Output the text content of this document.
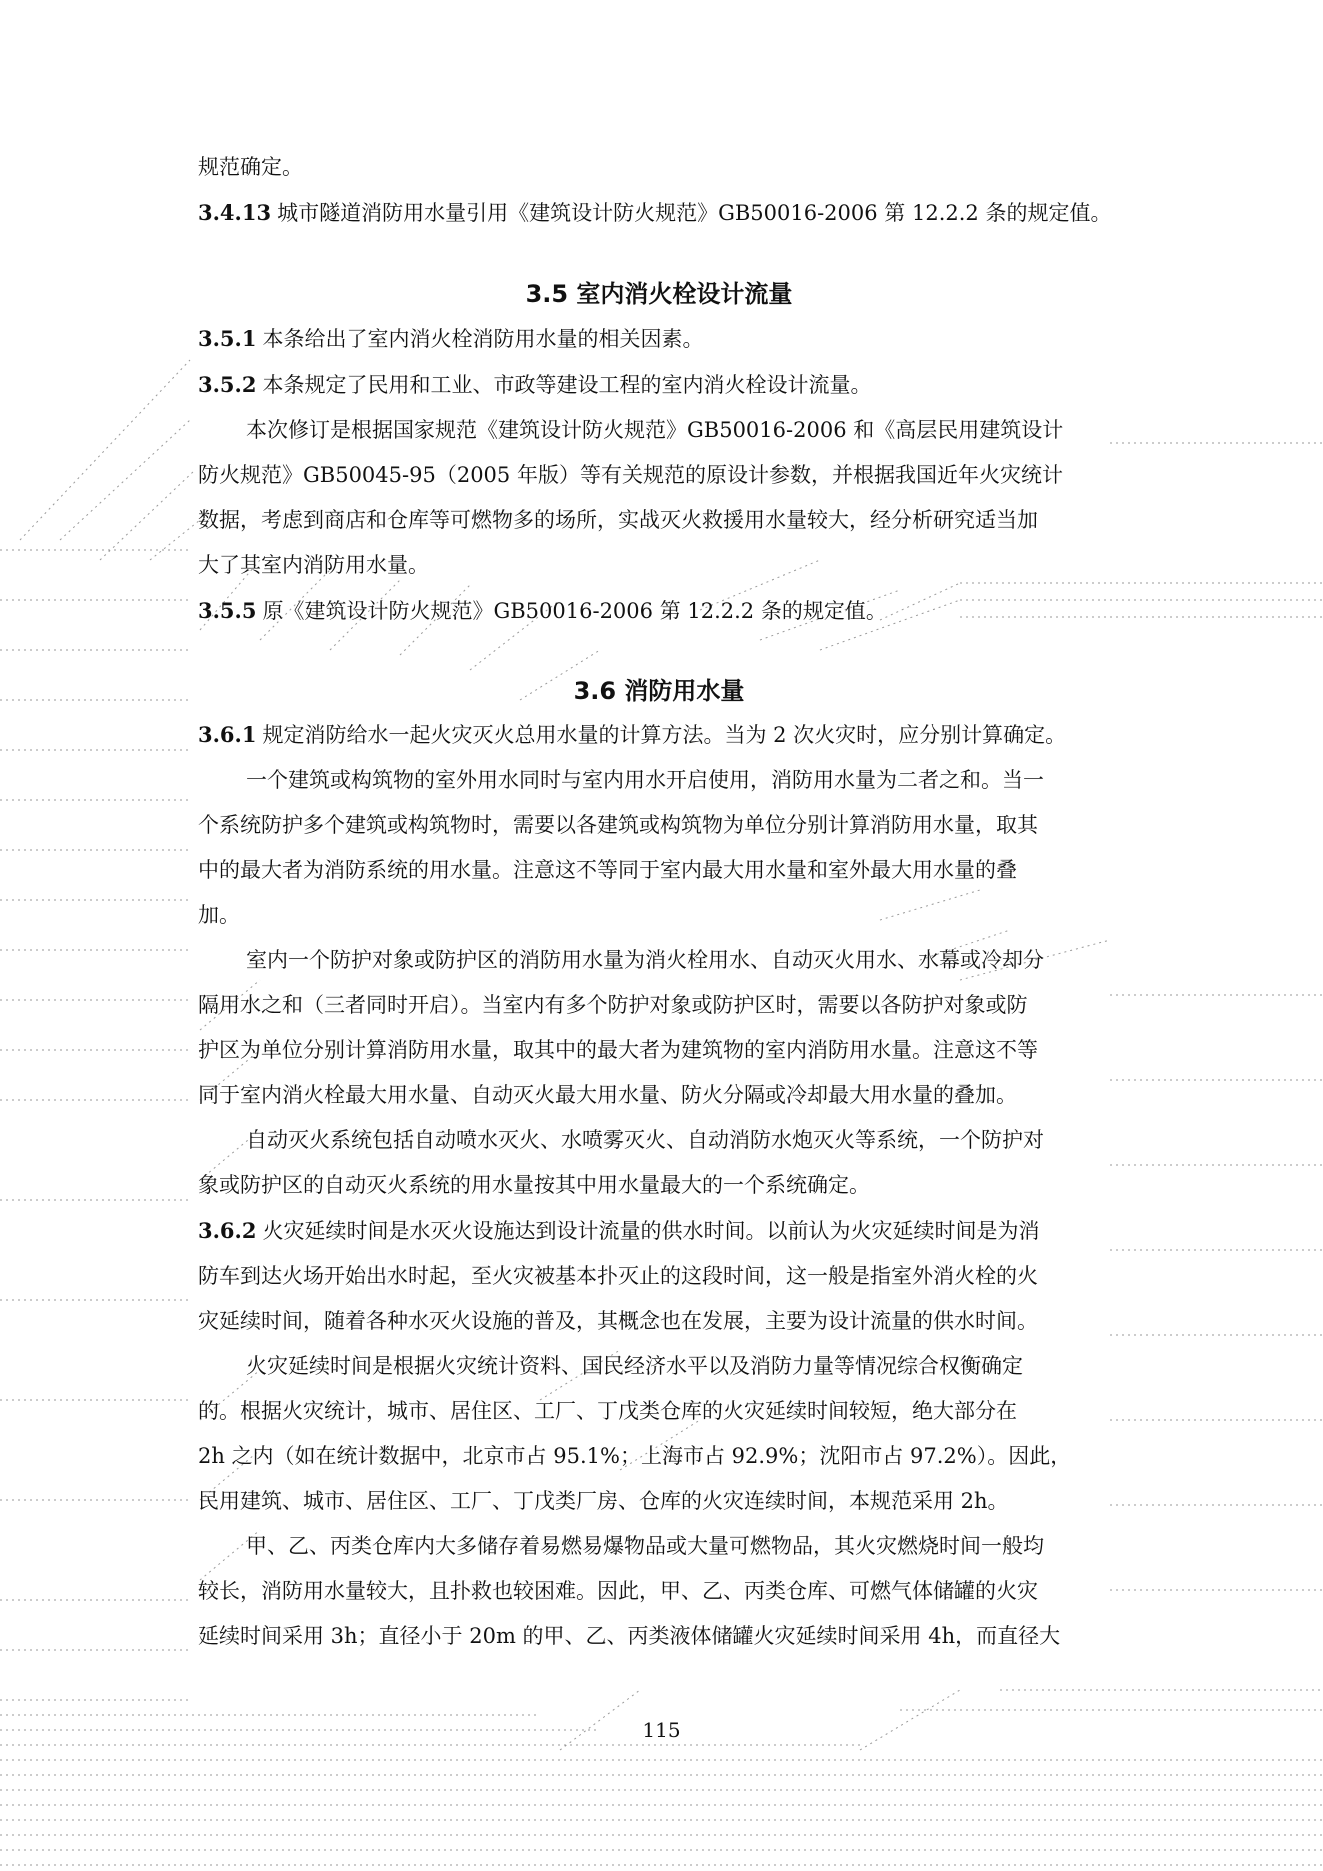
规范确定。

3.4.13 城市隧道消防用水量引用《建筑设计防火规范》GB50016-2006 第 12.2.2 条的规定值。

3.5 室内消火栓设计流量

3.5.1 本条给出了室内消火栓消防用水量的相关因素。

3.5.2 本条规定了民用和工业、市政等建设工程的室内消火栓设计流量。

本次修订是根据国家规范《建筑设计防火规范》GB50016-2006 和《高层民用建筑设计

防火规范》GB50045-95（2005 年版）等有关规范的原设计参数，并根据我国近年火灾统计

数据，考虑到商店和仓库等可燃物多的场所，实战灭火救援用水量较大，经分析研究适当加

大了其室内消防用水量。

3.5.5 原《建筑设计防火规范》GB50016-2006 第 12.2.2 条的规定值。

3.6 消防用水量

3.6.1 规定消防给水一起火灾灭火总用水量的计算方法。当为 2 次火灾时，应分别计算确定。

一个建筑或构筑物的室外用水同时与室内用水开启使用，消防用水量为二者之和。当一

个系统防护多个建筑或构筑物时，需要以各建筑或构筑物为单位分别计算消防用水量，取其

中的最大者为消防系统的用水量。注意这不等同于室内最大用水量和室外最大用水量的叠

加。

室内一个防护对象或防护区的消防用水量为消火栓用水、自动灭火用水、水幕或冷却分

隔用水之和（三者同时开启）。当室内有多个防护对象或防护区时，需要以各防护对象或防

护区为单位分别计算消防用水量，取其中的最大者为建筑物的室内消防用水量。注意这不等

同于室内消火栓最大用水量、自动灭火最大用水量、防火分隔或冷却最大用水量的叠加。

自动灭火系统包括自动喷水灭火、水喷雾灭火、自动消防水炮灭火等系统，一个防护对

象或防护区的自动灭火系统的用水量按其中用水量最大的一个系统确定。

3.6.2 火灾延续时间是水灭火设施达到设计流量的供水时间。以前认为火灾延续时间是为消

防车到达火场开始出水时起，至火灾被基本扑灭止的这段时间，这一般是指室外消火栓的火

灾延续时间，随着各种水灭火设施的普及，其概念也在发展，主要为设计流量的供水时间。

火灾延续时间是根据火灾统计资料、国民经济水平以及消防力量等情况综合权衡确定

的。根据火灾统计，城市、居住区、工厂、丁戊类仓库的火灾延续时间较短，绝大部分在

2h 之内（如在统计数据中，北京市占 95.1%；上海市占 92.9%；沈阳市占 97.2%）。因此，

民用建筑、城市、居住区、工厂、丁戊类厂房、仓库的火灾连续时间，本规范采用 2h。

甲、乙、丙类仓库内大多储存着易燃易爆物品或大量可燃物品，其火灾燃烧时间一般均

较长，消防用水量较大，且扑救也较困难。因此，甲、乙、丙类仓库、可燃气体储罐的火灾

延续时间采用 3h；直径小于 20m 的甲、乙、丙类液体储罐火灾延续时间采用 4h，而直径大

115
